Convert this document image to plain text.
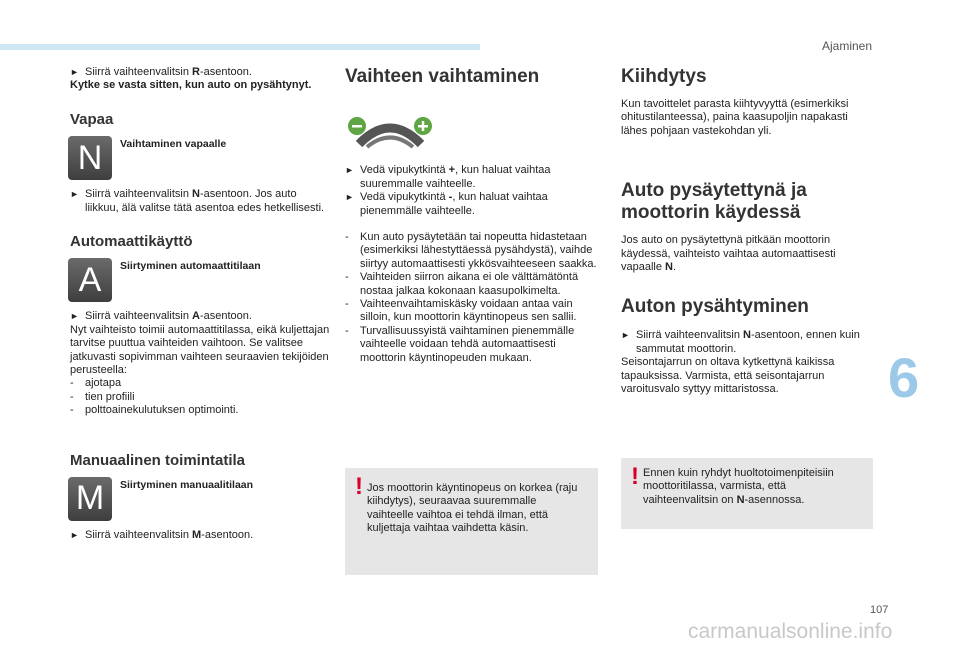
Ajaminen
► Siirrä vaihteenvalitsin R-asentoon.

Kytke se vasta sitten, kun auto on pysähtynyt.

Vapaa
N	Vaihtaminen vapaalle
► Siirrä vaihteenvalitsin N-asentoon. Jos auto liikkuu, älä valitse tätä asentoa edes hetkellisesti.
Automaattikäyttö
A	Siirtyminen automaattitilaan
► Siirrä vaihteenvalitsin A-asentoon.

Nyt vaihteisto toimii automaattitilassa, eikä kuljettajan tarvitse puuttua vaihteiden vaihtoon. Se valitsee jatkuvasti sopivimman vaihteen seuraavien tekijöiden perusteella:

-	ajotapa
-	tien profiili
-	polttoainekulutuksen optimointi.
Manuaalinen toimintatila
M	Siirtyminen manuaalitilaan
► Siirrä vaihteenvalitsin M-asentoon.
Vaihteen vaihtaminen
► Vedä vipukytkintä +, kun haluat vaihtaa suuremmalle vaihteelle.
► Vedä vipukytkintä -, kun haluat vaihtaa pienemmälle vaihteelle.
-	Kun auto pysäytetään tai nopeutta hidastetaan (esimerkiksi lähestyttäessä pysähdystä), vaihde siirtyy automaattisesti ykkösvaihteeseen saakka.
-	Vaihteiden siirron aikana ei ole välttämätöntä nostaa jalkaa kokonaan kaasupolkimelta.
-	Vaihteenvaihtamiskäsky voidaan antaa vain silloin, kun moottorin käyntinopeus sen sallii.
-	Turvallisuussyistä vaihtaminen pienemmälle vaihteelle voidaan tehdä automaattisesti moottorin käyntinopeuden mukaan.
! Jos moottorin käyntinopeus on korkea (raju kiihdytys), seuraavaa suuremmalle vaihteelle vaihtoa ei tehdä ilman, että kuljettaja vaihtaa vaihdetta käsin.

Kiihdytys

Kun tavoittelet parasta kiihtyvyyttä (esimerkiksi ohitustilanteessa), paina kaasupoljin napakasti lähes pohjaan vastekohdan yli.

Auto pysäytettynä ja moottorin käydessä

Jos auto on pysäytettynä pitkään moottorin käydessä, vaihteisto vaihtaa automaattisesti vapaalle N.

Auton pysähtyminen
► Siirrä vaihteenvalitsin N-asentoon, ennen kuin sammutat moottorin.

Seisontajarrun on oltava kytkettynä kaikissa tapauksissa. Varmista, että seisontajarrun varoitusvalo syttyy mittaristossa.

! Ennen kuin ryhdyt huoltotoimenpiteisiin moottoritilassa, varmista, että vaihteenvalitsin on N-asennossa.

6
107
carmanualsonline.info
